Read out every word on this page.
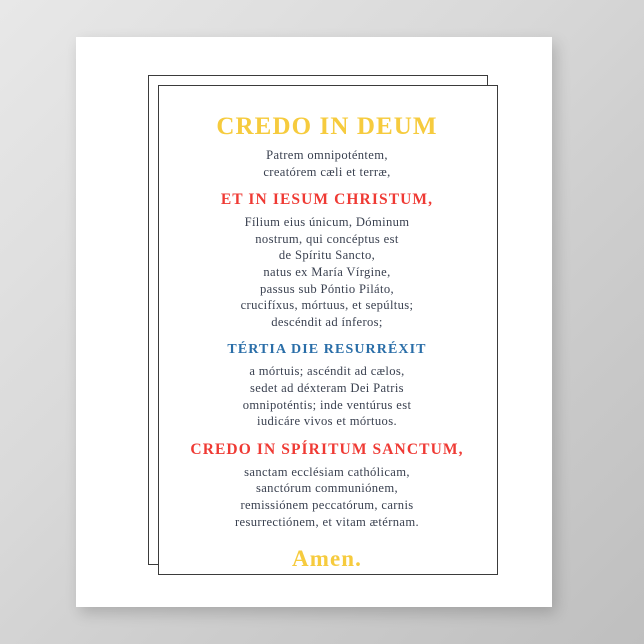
CREDO IN DEUM
Patrem omnipoténtem,
creatórem cæli et terræ,
ET IN IESUM CHRISTUM,
Fílium eius únicum, Dóminum
nostrum, qui concéptus est
de Spíritu Sancto,
natus ex María Vírgine,
passus sub Póntio Piláto,
crucifíxus, mórtuus, et sepúltus;
descéndit ad ínferos;
TÉRTIA DIE RESURRÉXIT
a mórtuis; ascéndit ad cælos,
sedet ad déxteram Dei Patris
omnipoténtis; inde ventúrus est
iudicáre vivos et mórtuos.
CREDO IN SPÍRITUM SANCTUM,
sanctam ecclésiam cathólicam,
sanctórum communiónem,
remissiónem peccatórum, carnis
resurrectiónem, et vitam ætérnam.
Amen.
